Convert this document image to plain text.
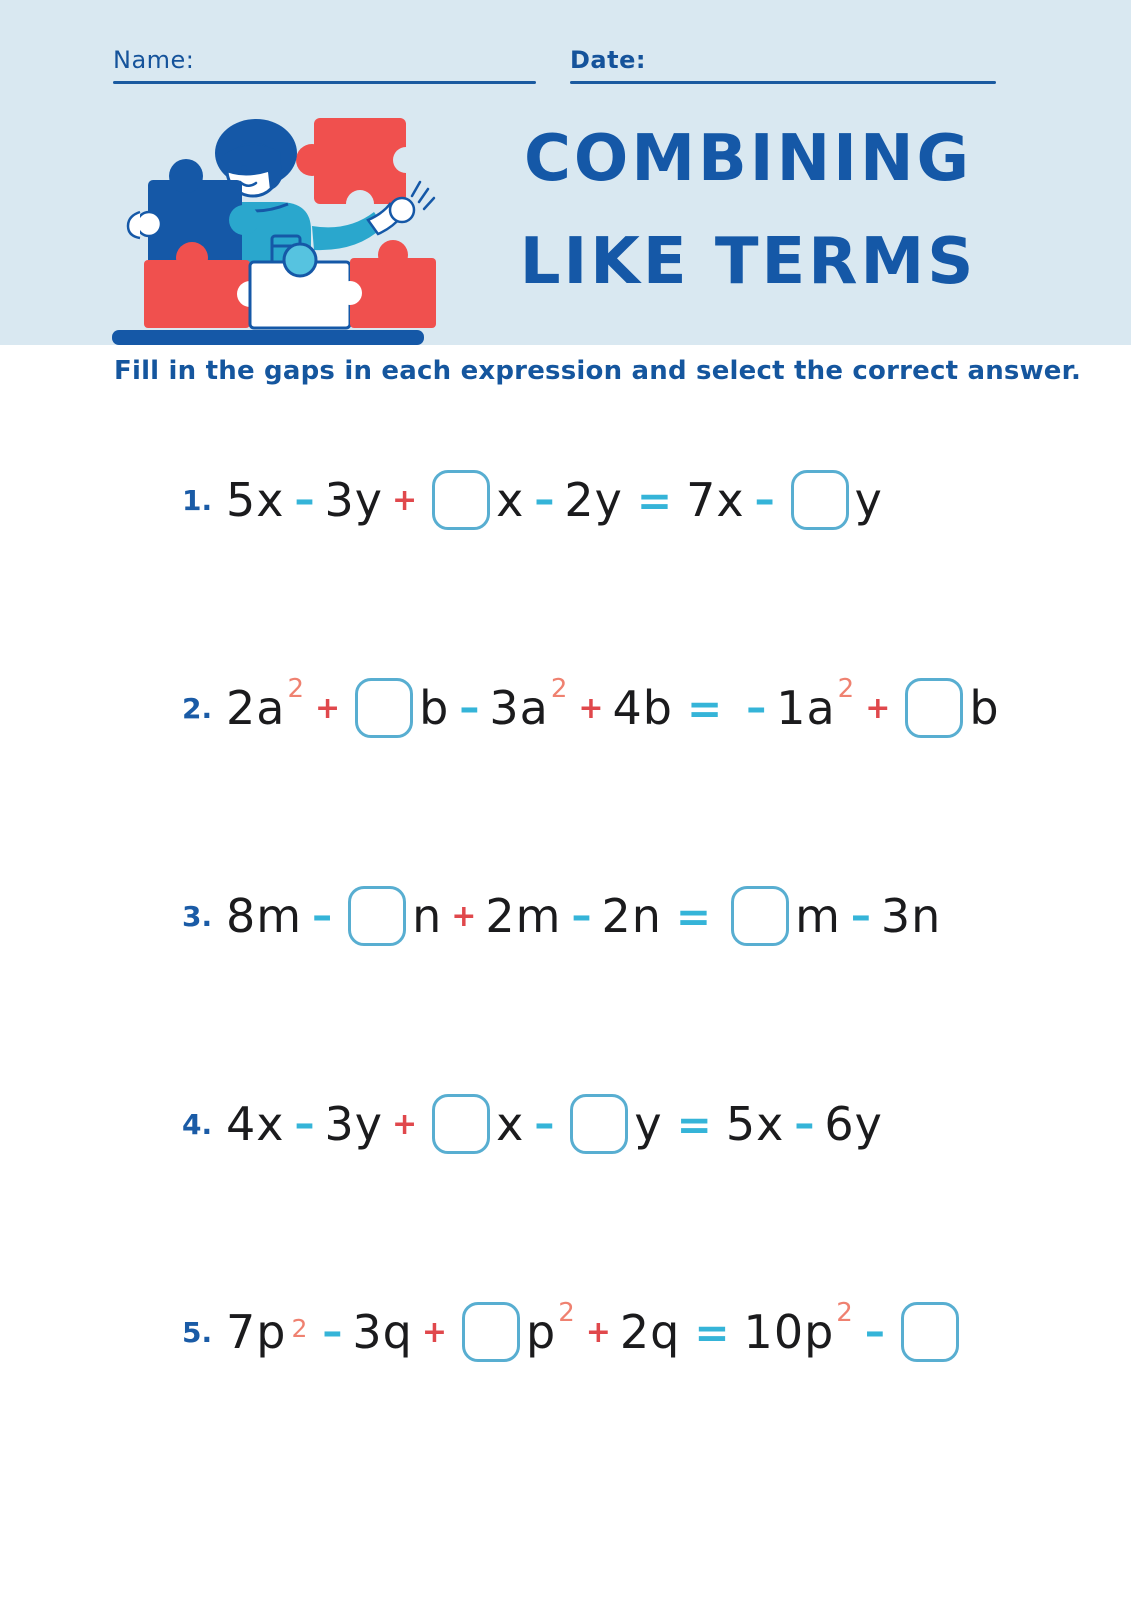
Name:	Date:
COMBINING
LIKE TERMS
Fill in the gaps in each expression and select the correct answer.
1. 5x – 3y + x – 2y = 7x – y
2. 2a 2
+ b – 3a 2
+ 4b = – 1a 2
+ b
3. 8m – n + 2m – 2n = m – 3n
4. 4x – 3y + x – y = 5x – 6y
5. 7p 2 – 3q + p 2
+ 2q = 10p 2 –
